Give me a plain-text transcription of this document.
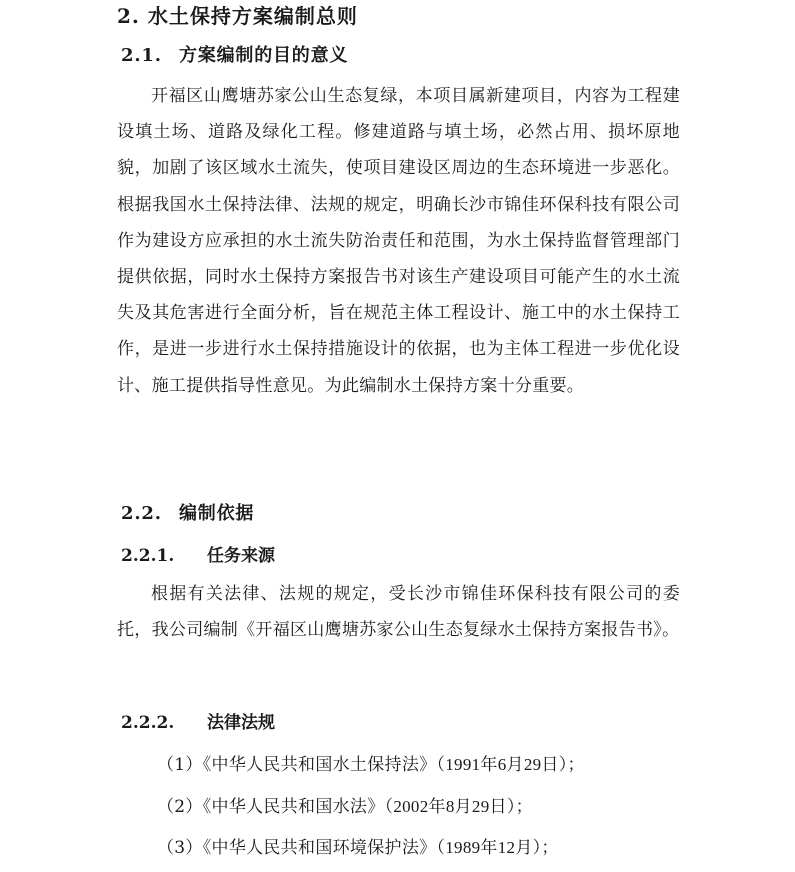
2. 水土保持方案编制总则
2.1. 方案编制的目的意义

开福区山鹰塘苏家公山生态复绿，本项目属新建项目，内容为工程建设填土场、道路及绿化工程。修建道路与填土场，必然占用、损坏原地貌，加剧了该区域水土流失，使项目建设区周边的生态环境进一步恶化。根据我国水土保持法律、法规的规定，明确长沙市锦佳环保科技有限公司作为建设方应承担的水土流失防治责任和范围，为水土保持监督管理部门提供依据，同时水土保持方案报告书对该生产建设项目可能产生的水土流失及其危害进行全面分析，旨在规范主体工程设计、施工中的水土保持工作，是进一步进行水土保持措施设计的依据，也为主体工程进一步优化设计、施工提供指导性意见。为此编制水土保持方案十分重要。

2.2. 编制依据
2.2.1. 任务来源

根据有关法律、法规的规定，受长沙市锦佳环保科技有限公司的委托，我公司编制《开福区山鹰塘苏家公山生态复绿水土保持方案报告书》。

2.2.2. 法律法规
（1）《中华人民共和国水土保持法》（1991年6月29日）；
（2）《中华人民共和国水法》（2002年8月29日）；
（3）《中华人民共和国环境保护法》（1989年12月）；
